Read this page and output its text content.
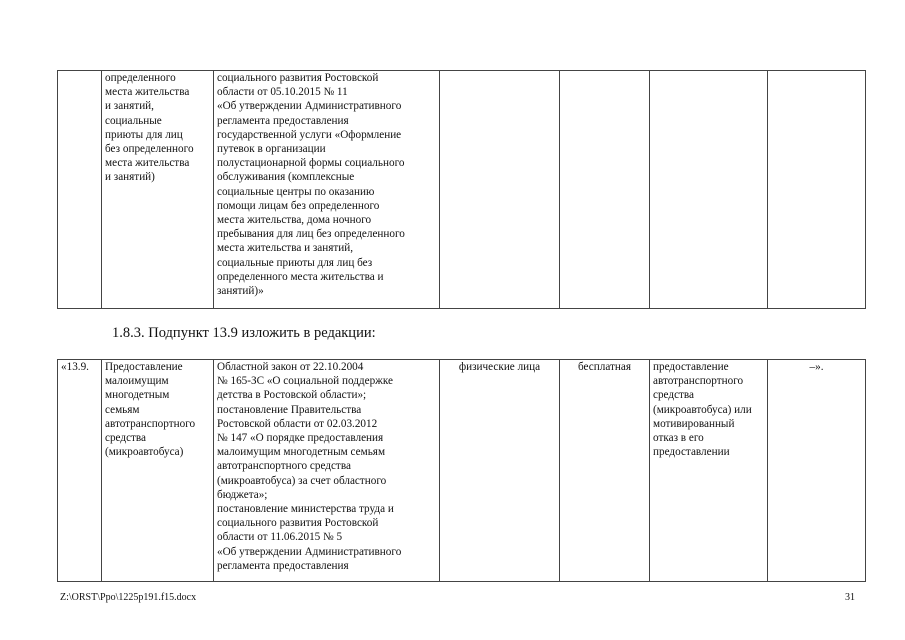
	определенного
места жительства
и занятий,
социальные
приюты для лиц
без определенного
места жительства
и занятий)	социального развития Ростовской
области от 05.10.2015 № 11
«Об утверждении Административного
регламента предоставления
государственной услуги «Оформление
путевок в организации
полустационарной формы социального
обслуживания (комплексные
социальные центры по оказанию
помощи лицам без определенного
места жительства, дома ночного
пребывания для лиц без определенного
места жительства и занятий,
социальные приюты для лиц без
определенного места жительства и
занятий)»				
1.8.3. Подпункт 13.9 изложить в редакции:
«13.9.	Предоставление
малоимущим
многодетным
семьям
автотранспортного
средства
(микроавтобуса)	Областной закон от 22.10.2004
№ 165-ЗС «О социальной поддержке
детства в Ростовской области»;
постановление Правительства
Ростовской области от 02.03.2012
№ 147 «О порядке предоставления
малоимущим многодетным семьям
автотранспортного средства
(микроавтобуса) за счет областного
бюджета»;
постановление министерства труда и
социального развития Ростовской
области от 11.06.2015 № 5
«Об утверждении Административного
регламента предоставления	физические лица	бесплатная	предоставление
автотранспортного
средства
(микроавтобуса) или
мотивированный
отказ в его
предоставлении	–».
Z:\ORST\Ppo\1225p191.f15.docx	31
